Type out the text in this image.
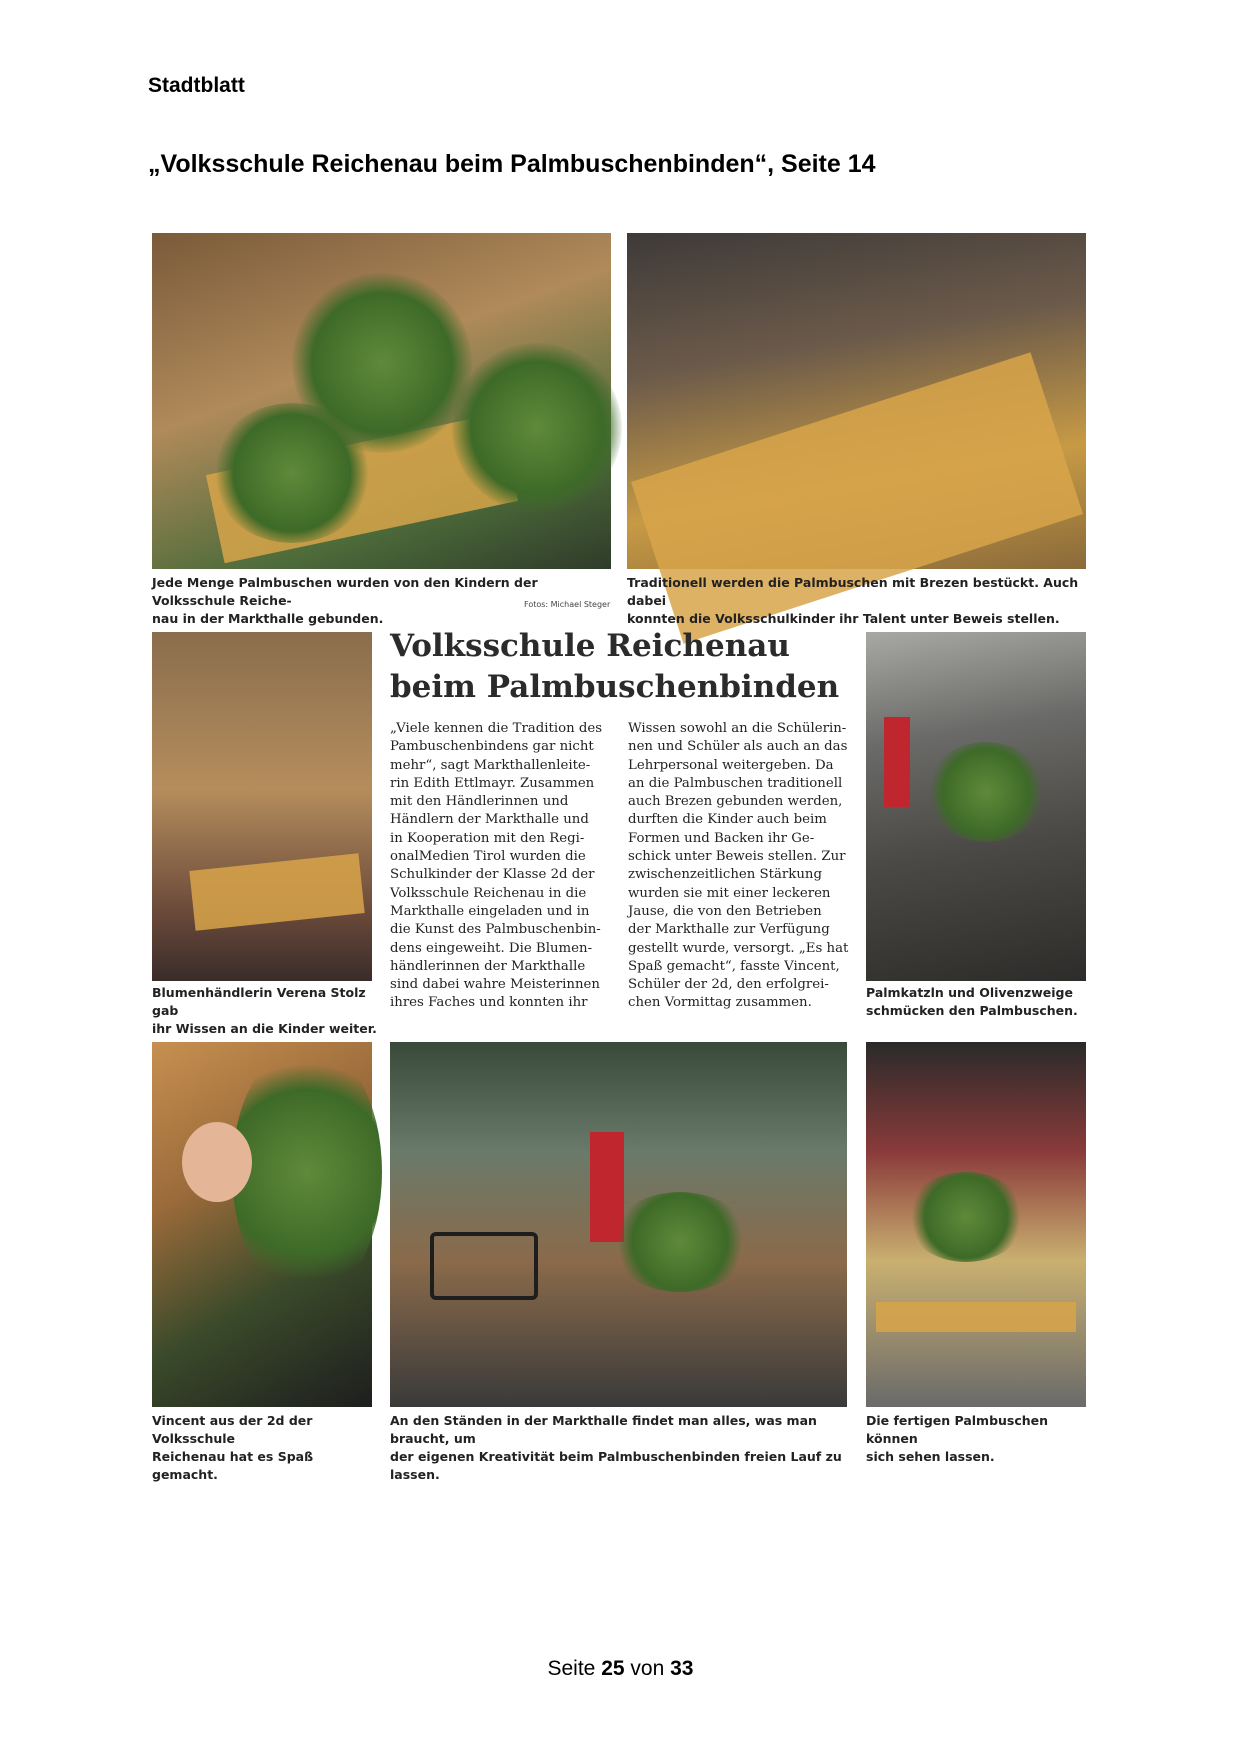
Stadtblatt
„Volksschule Reichenau beim Palmbuschenbinden“, Seite 14
Jede Menge Palmbuschen wurden von den Kindern der Volksschule Reiche-
nau in der Markthalle gebunden.
Fotos: Michael Steger
Traditionell werden die Palmbuschen mit Brezen bestückt. Auch dabei
konnten die Volksschulkinder ihr Talent unter Beweis stellen.
Blumenhändlerin Verena Stolz gab
ihr Wissen an die Kinder weiter.
Volksschule Reichenau
beim Palmbuschenbinden
„Viele kennen die Tradition des
Pambuschenbindens gar nicht
mehr“, sagt Markthallenleite-
rin Edith Ettlmayr. Zusammen
mit den Händlerinnen und
Händlern der Markthalle und
in Kooperation mit den Regi-
onalMedien Tirol wurden die
Schulkinder der Klasse 2d der
Volksschule Reichenau in die
Markthalle eingeladen und in
die Kunst des Palmbuschenbin-
dens eingeweiht. Die Blumen-
händlerinnen der Markthalle
sind dabei wahre Meisterinnen
ihres Faches und konnten ihr
Wissen sowohl an die Schülerin-
nen und Schüler als auch an das
Lehrpersonal weitergeben. Da
an die Palmbuschen traditionell
auch Brezen gebunden werden,
durften die Kinder auch beim
Formen und Backen ihr Ge-
schick unter Beweis stellen. Zur
zwischenzeitlichen Stärkung
wurden sie mit einer leckeren
Jause, die von den Betrieben
der Markthalle zur Verfügung
gestellt wurde, versorgt. „Es hat
Spaß gemacht“, fasste Vincent,
Schüler der 2d, den erfolgrei-
chen Vormittag zusammen.
Palmkatzln und Olivenzweige
schmücken den Palmbuschen.
Vincent aus der 2d der Volksschule
Reichenau hat es Spaß gemacht.
An den Ständen in der Markthalle findet man alles, was man braucht, um
der eigenen Kreativität beim Palmbuschenbinden freien Lauf zu lassen.
Die fertigen Palmbuschen können
sich sehen lassen.
Seite 25 von 33
